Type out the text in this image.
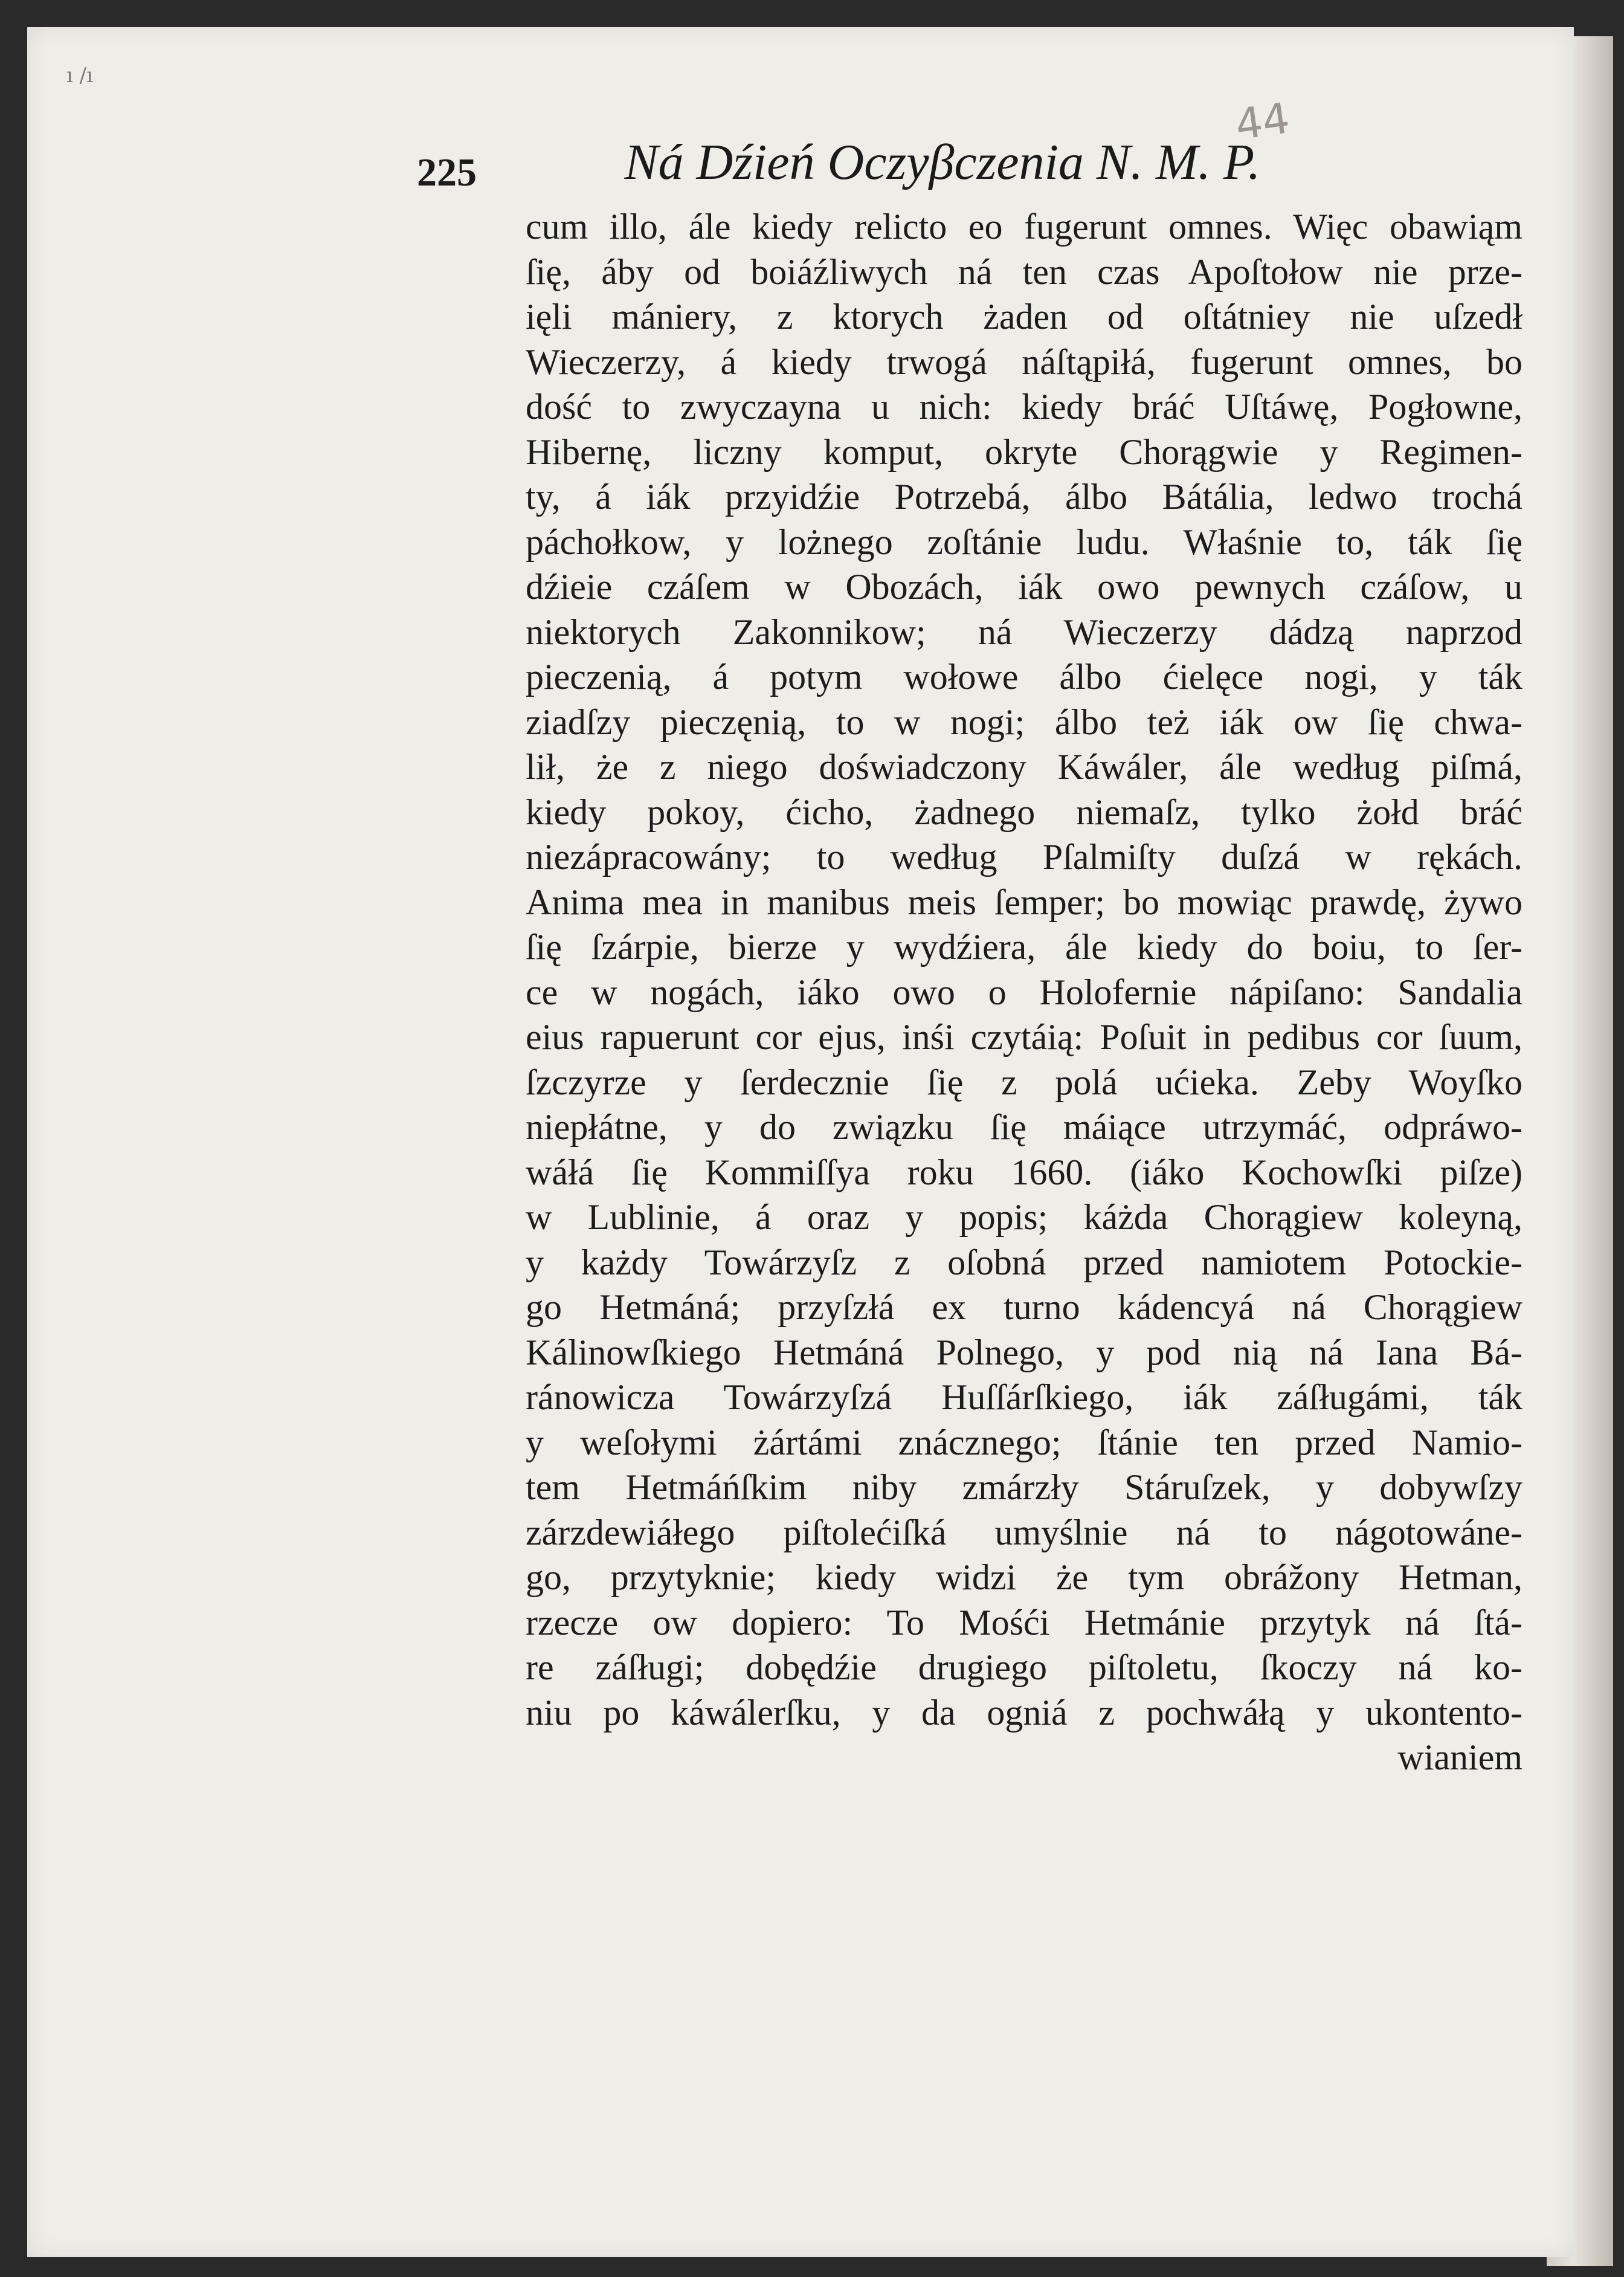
ı /ı
44
225	Ná Dźień Oczyβczenia N. M. P.
cum illo, ále kiedy relicto eo fugerunt omnes. Więc obawiąm
ſię, áby od boiáźliwych ná ten czas Apoſtołow nie prze-
ięli mániery, z ktorych żaden od oſtátniey nie uſzedł
Wieczerzy, á kiedy trwogá náſtąpiłá, fugerunt omnes, bo
dość to zwyczayna u nich: kiedy bráć Uſtáwę, Pogłowne,
Hibernę, liczny komput, okryte Chorągwie y Regimen-
ty, á iák przyidźie Potrzebá, álbo Bátália, ledwo trochá
páchołkow, y lożnego zoſtánie ludu. Właśnie to, ták ſię
dźieie czáſem w Obozách, iák owo pewnych czáſow, u
niektorych Zakonnikow; ná Wieczerzy dádzą naprzod
pieczenią, á potym wołowe álbo ćielęce nogi, y ták
ziadſzy pieczęnią, to w nogi; álbo też iák ow ſię chwa-
lił, że z niego doświadczony Káwáler, ále według piſmá,
kiedy pokoy, ćicho, żadnego niemaſz, tylko żołd bráć
niezápracowány; to według Pſalmiſty duſzá w rękách.
Anima mea in manibus meis ſemper; bo mowiąc prawdę, żywo
ſię ſzárpie, bierze y wydźiera, ále kiedy do boiu, to ſer-
ce w nogách, iáko owo o Holofernie nápiſano: Sandalia
eius rapuerunt cor ejus, inśi czytáią: Poſuit in pedibus cor ſuum,
ſzczyrze y ſerdecznie ſię z polá ućieka. Zeby Woyſko
niepłátne, y do związku ſię máiące utrzymáć, odpráwo-
wáłá ſię Kommiſſya roku 1660. (iáko Kochowſki piſze)
w Lublinie, á oraz y popis; káżda Chorągiew koleyną,
y każdy Towárzyſz z oſobná przed namiotem Potockie-
go Hetmáná; przyſzłá ex turno kádencyá ná Chorągiew
Kálinowſkiego Hetmáná Polnego, y pod nią ná Iana Bá-
ránowicza Towárzyſzá Huſſárſkiego, iák záſługámi, ták
y weſołymi żártámi znácznego; ſtánie ten przed Namio-
tem Hetmáńſkim niby zmárzły Stáruſzek, y dobywſzy
zárzdewiáłego piſtolećiſká umyślnie ná to nágotowáne-
go, przytyknie; kiedy widzi że tym obrážony Hetman,
rzecze ow dopiero: To Mośći Hetmánie przytyk ná ſtá-
re záſługi; dobędźie drugiego piſtoletu, ſkoczy ná ko-
niu po káwálerſku, y da ogniá z pochwáłą y ukontento-
wianiem
